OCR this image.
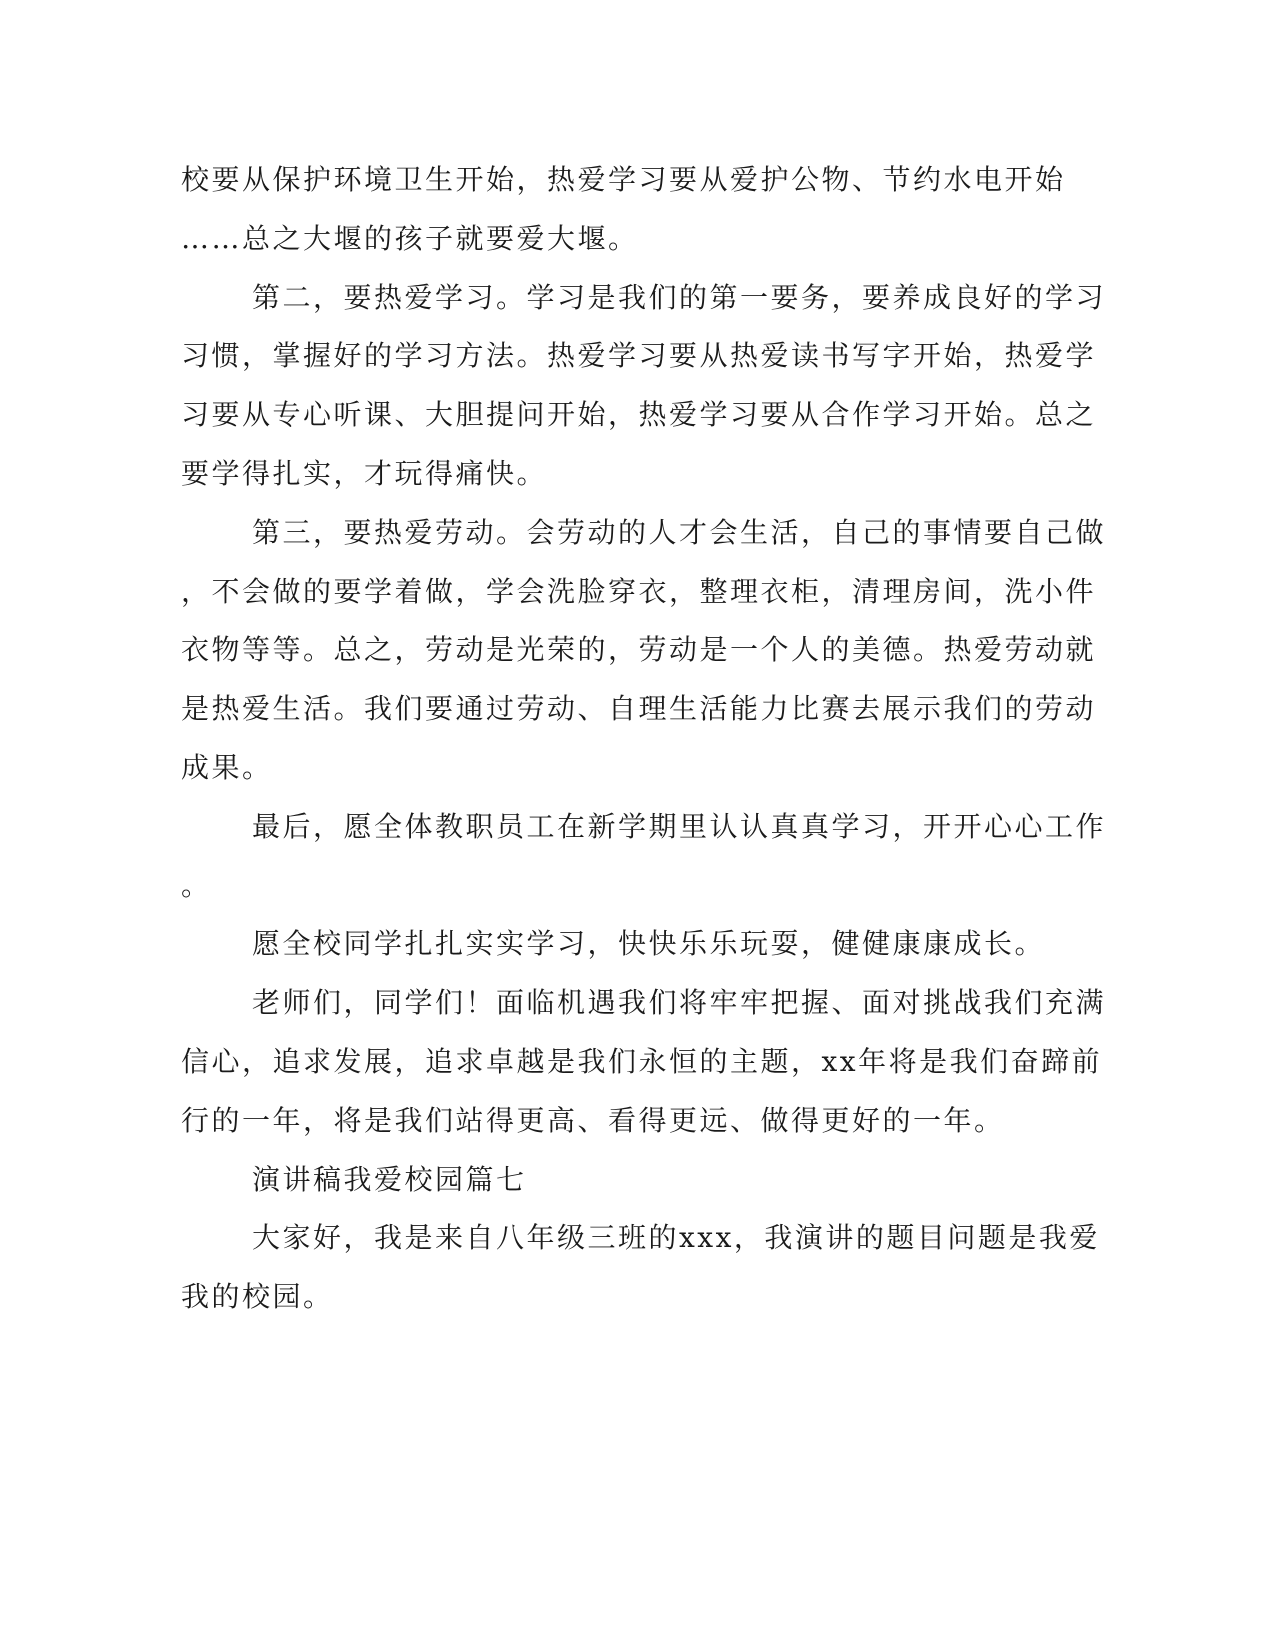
校要从保护环境卫生开始，热爱学习要从爱护公物、节约水电开始
……总之大堰的孩子就要爱大堰。
第二，要热爱学习。学习是我们的第一要务，要养成良好的学习
习惯，掌握好的学习方法。热爱学习要从热爱读书写字开始，热爱学
习要从专心听课、大胆提问开始，热爱学习要从合作学习开始。总之
要学得扎实，才玩得痛快。
第三，要热爱劳动。会劳动的人才会生活，自己的事情要自己做
，不会做的要学着做，学会洗脸穿衣，整理衣柜，清理房间，洗小件
衣物等等。总之，劳动是光荣的，劳动是一个人的美德。热爱劳动就
是热爱生活。我们要通过劳动、自理生活能力比赛去展示我们的劳动
成果。
最后，愿全体教职员工在新学期里认认真真学习，开开心心工作
。
愿全校同学扎扎实实学习，快快乐乐玩耍，健健康康成长。
老师们，同学们！面临机遇我们将牢牢把握、面对挑战我们充满
信心，追求发展，追求卓越是我们永恒的主题，xx年将是我们奋蹄前
行的一年，将是我们站得更高、看得更远、做得更好的一年。
演讲稿我爱校园篇七
大家好，我是来自八年级三班的xxx，我演讲的题目问题是我爱
我的校园。
